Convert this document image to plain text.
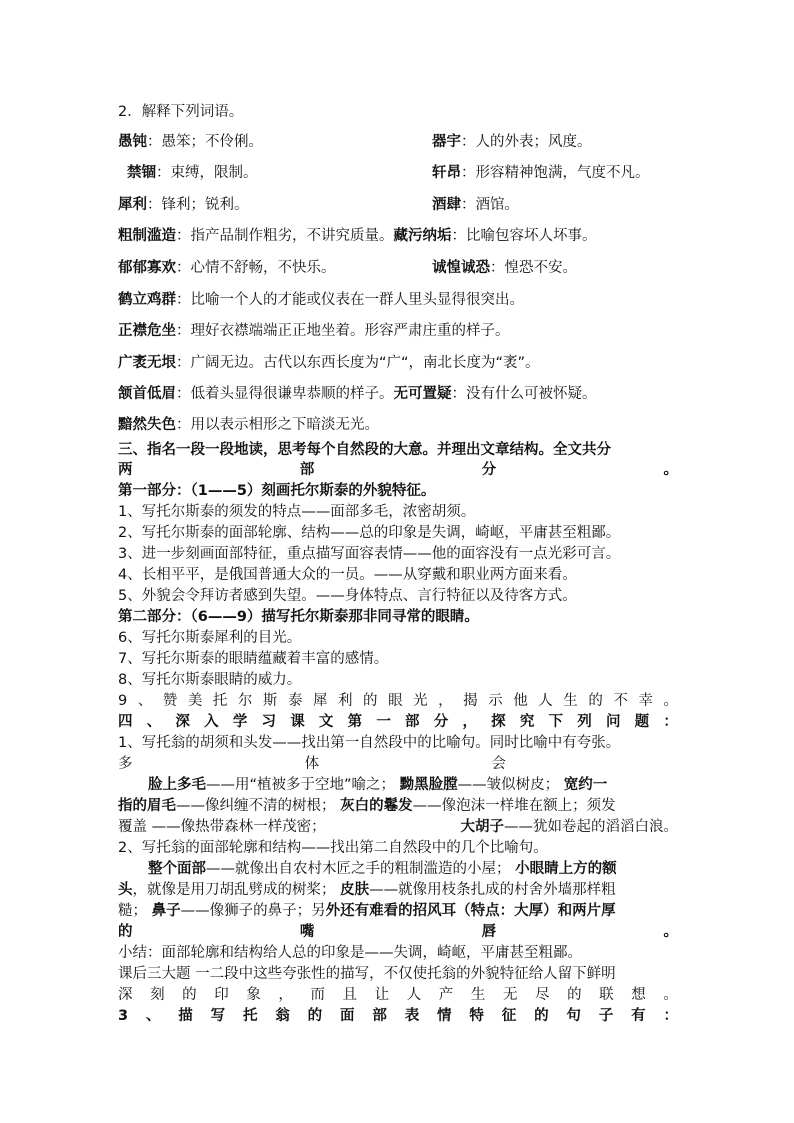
2．解释下列词语。
愚钝：愚笨；不伶俐。	器宇：人的外表；风度。
禁锢：束缚，限制。	轩昂：形容精神饱满，气度不凡。
犀利：锋利；锐利。	酒肆：酒馆。
粗制滥造：指产品制作粗劣，不讲究质量。藏污纳垢：比喻包容坏人坏事。
郁郁寡欢：心情不舒畅，不快乐。	诚惶诚恐：惶恐不安。
鹤立鸡群：比喻一个人的才能或仪表在一群人里头显得很突出。
正襟危坐：理好衣襟端端正正地坐着。形容严肃庄重的样子。
广袤无垠：广阔无边。古代以东西长度为“广“，南北长度为“袤”。
颔首低眉：低着头显得很谦卑恭顺的样子。无可置疑：没有什么可被怀疑。
黯然失色：用以表示相形之下暗淡无光。
三、指名一段一段地读，思考每个自然段的大意。并理出文章结构。全文共分
两	部	分	。
第一部分：（1——5）刻画托尔斯泰的外貌特征。
1、写托尔斯泰的须发的特点——面部多毛，浓密胡须。
2、写托尔斯泰的面部轮廓、结构——总的印象是失调，崎岖，平庸甚至粗鄙。
3、进一步刻画面部特征，重点描写面容表情——他的面容没有一点光彩可言。
4、长相平平，是俄国普通大众的一员。——从穿戴和职业两方面来看。
5、外貌会令拜访者感到失望。——身体特点、言行特征以及待客方式。
第二部分：（6——9）描写托尔斯泰那非同寻常的眼睛。
6、写托尔斯泰犀利的目光。
7、写托尔斯泰的眼睛蕴藏着丰富的感情。
8、写托尔斯泰眼睛的威力。
9 、 赞 美 托 尔 斯 泰 犀 利 的 眼 光 ， 揭 示 他 人 生 的 不 幸 。
四 、 深 入 学 习 课 文 第 一 部 分 ， 探 究 下 列 问 题 ：
1、写托翁的胡须和头发——找出第一自然段中的比喻句。同时比喻中有夸张。
多	体	会
脸上多毛——用“植被多于空地”喻之； 黝黑脸膛——皱似树皮； 宽约一
指的眉毛——像纠缠不清的树根； 灰白的鬈发——像泡沫一样堆在额上；须发
覆盖 ——像热带森林一样茂密；	大胡子——犹如卷起的滔滔白浪。
2、写托翁的面部轮廓和结构——找出第二自然段中的几个比喻句。
整个面部——就像出自农村木匠之手的粗制滥造的小屋； 小眼睛上方的额
头，就像是用刀胡乱劈成的树桨； 皮肤——就像用枝条扎成的村舍外墙那样粗
糙； 鼻子——像狮子的鼻子；另外还有难看的招风耳（特点：大厚）和两片厚
的	嘴	唇	。
小结：面部轮廓和结构给人总的印象是——失调，崎岖，平庸甚至粗鄙。
课后三大题 一二段中这些夸张性的描写，不仅使托翁的外貌特征给人留下鲜明
深 刻 的 印 象 ， 而 且 让 人 产 生 无 尽 的 联 想 。
3 、 描 写 托 翁 的 面 部 表 情 特 征 的 句 子 有 ：
